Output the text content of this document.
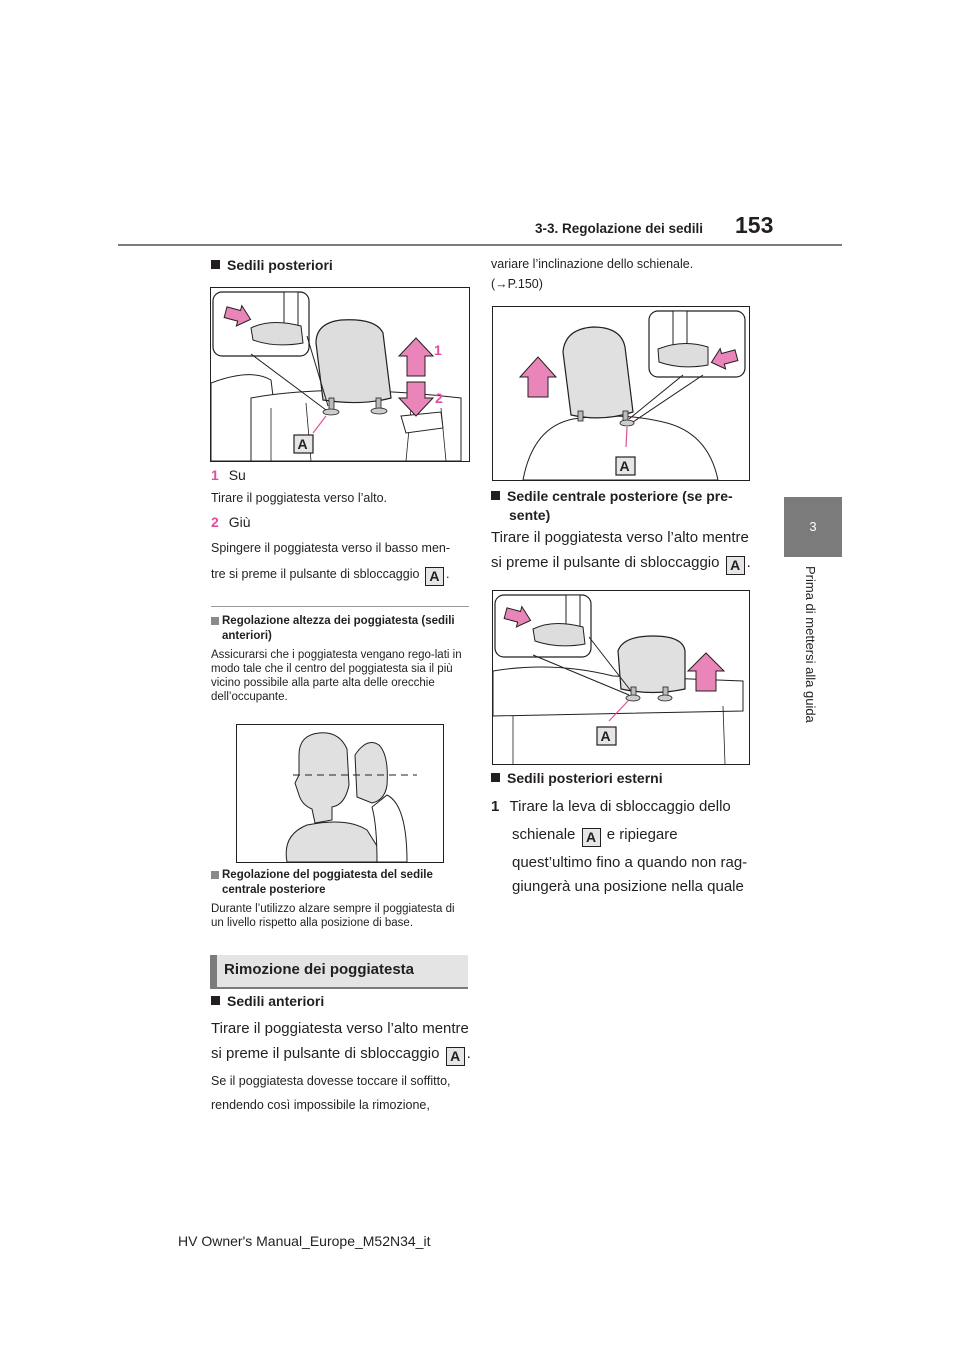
3-3. Regolazione dei sedili 153
3
Prima di mettersi alla guida
Sedili posteriori
A
1
2
1 Su
Tirare il poggiatesta verso l’alto.
2 Giù
Spingere il poggiatesta verso il basso men-
tre si preme il pulsante di sbloccaggio A .
Regolazione altezza dei poggiatesta (sedili anteriori)
Assicurarsi che i poggiatesta vengano rego-lati in modo tale che il centro del poggiatesta sia il più vicino possibile alla parte alta delle orecchie dell’occupante.
Regolazione del poggiatesta del sedile centrale posteriore
Durante l’utilizzo alzare sempre il poggiatesta di un livello rispetto alla posizione di base.
Rimozione dei poggiatesta
Sedili anteriori
Tirare il poggiatesta verso l’alto mentre
si preme il pulsante di sbloccaggio A .
Se il poggiatesta dovesse toccare il soffitto,
rendendo così impossibile la rimozione,
variare l’inclinazione dello schienale.
(→P.150)
A
Sedile centrale posteriore (se pre-
sente)
Tirare il poggiatesta verso l’alto mentre
si preme il pulsante di sbloccaggio A .
A
Sedili posteriori esterni
1 Tirare la leva di sbloccaggio dello
schienale A e ripiegare
quest’ultimo fino a quando non rag-
giungerà una posizione nella quale
HV Owner's Manual_Europe_M52N34_it
